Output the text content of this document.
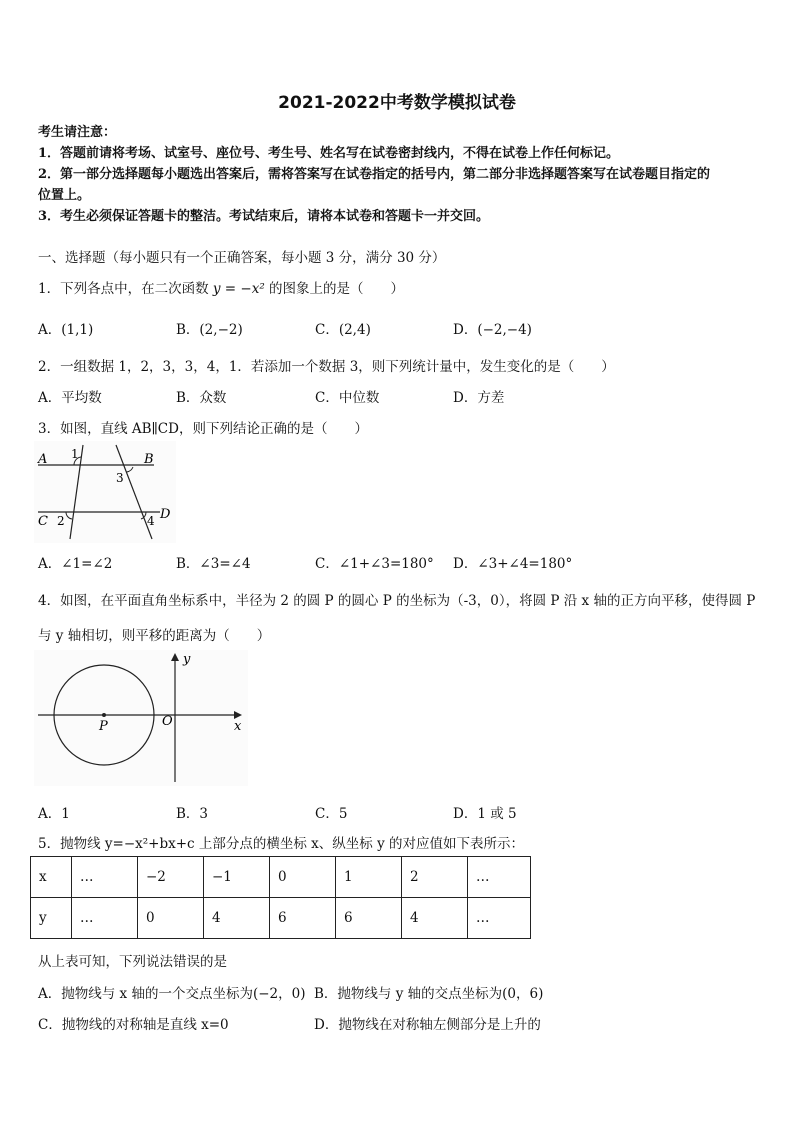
2021-2022中考数学模拟试卷
考生请注意：
1．答题前请将考场、试室号、座位号、考生号、姓名写在试卷密封线内，不得在试卷上作任何标记。
2．第一部分选择题每小题选出答案后，需将答案写在试卷指定的括号内，第二部分非选择题答案写在试卷题目指定的
位置上。
3．考生必须保证答题卡的整洁。考试结束后，请将本试卷和答题卡一并交回。
一、选择题（每小题只有一个正确答案，每小题 3 分，满分 30 分）
1．下列各点中，在二次函数 y = −x² 的图象上的是（　　）
A．(1,1)	B．(2,−2)	C．(2,4)	D．(−2,−4)
2．一组数据 1，2，3，3，4，1．若添加一个数据 3，则下列统计量中，发生变化的是（　　）
A．平均数	B．众数	C．中位数	D．方差
3．如图，直线 AB∥CD，则下列结论正确的是（　　）
A	B
C	D
1
2
3
4
A．∠1=∠2	B．∠3=∠4	C．∠1+∠3=180° D．∠3+∠4=180°
4．如图，在平面直角坐标系中，半径为 2 的圆 P 的圆心 P 的坐标为（-3，0），将圆 P 沿 x 轴的正方向平移，使得圆 P
与 y 轴相切，则平移的距离为（　　）
y
x
P	O
A．1	B．3	C．5	D．1 或 5
5．抛物线 y=−x²+bx+c 上部分点的横坐标 x、纵坐标 y 的对应值如下表所示：
x	…	−2	−1	0	1	2	…
y	…	0	4	6	6	4	…
从上表可知，下列说法错误的是
A．抛物线与 x 轴的一个交点坐标为(−2，0) B．抛物线与 y 轴的交点坐标为(0，6)
C．抛物线的对称轴是直线 x=0	D．抛物线在对称轴左侧部分是上升的
